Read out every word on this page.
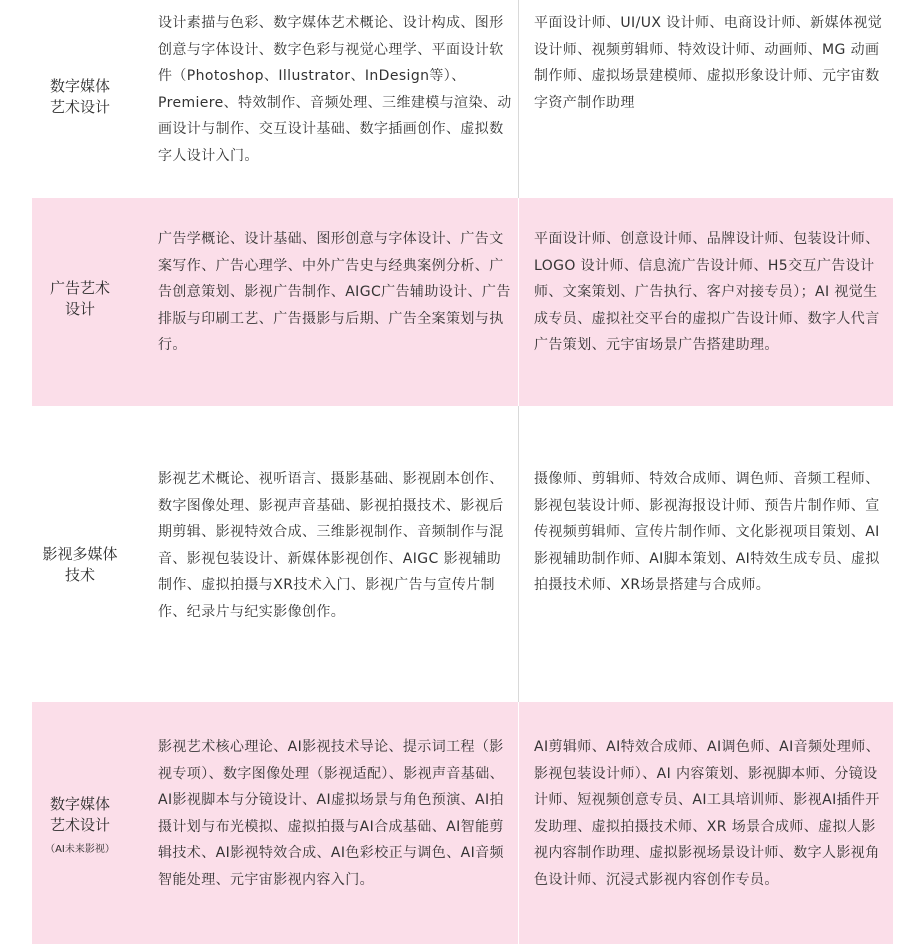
数字媒体艺术设计
设计素描与色彩、数字媒体艺术概论、设计构成、图形创意与字体设计、数字色彩与视觉心理学、平面设计软件（Photoshop、Illustrator、InDesign等）、Premiere、特效制作、音频处理、三维建模与渲染、动画设计与制作、交互设计基础、数字插画创作、虚拟数字人设计入门。
平面设计师、UI/UX 设计师、电商设计师、新媒体视觉设计师、视频剪辑师、特效设计师、动画师、MG 动画制作师、虚拟场景建模师、虚拟形象设计师、元宇宙数字资产制作助理
广告艺术设计
广告学概论、设计基础、图形创意与字体设计、广告文案写作、广告心理学、中外广告史与经典案例分析、广告创意策划、影视广告制作、AIGC广告辅助设计、广告排版与印刷工艺、广告摄影与后期、广告全案策划与执行。
平面设计师、创意设计师、品牌设计师、包装设计师、LOGO 设计师、信息流广告设计师、H5交互广告设计师、文案策划、广告执行、客户对接专员）；AI 视觉生成专员、虚拟社交平台的虚拟广告设计师、数字人代言广告策划、元宇宙场景广告搭建助理。
影视多媒体技术
影视艺术概论、视听语言、摄影基础、影视剧本创作、数字图像处理、影视声音基础、影视拍摄技术、影视后期剪辑、影视特效合成、三维影视制作、音频制作与混音、影视包装设计、新媒体影视创作、AIGC 影视辅助制作、虚拟拍摄与XR技术入门、影视广告与宣传片制作、纪录片与纪实影像创作。
摄像师、剪辑师、特效合成师、调色师、音频工程师、影视包装设计师、影视海报设计师、预告片制作师、宣传视频剪辑师、宣传片制作师、文化影视项目策划、AI影视辅助制作师、AI脚本策划、AI特效生成专员、虚拟拍摄技术师、XR场景搭建与合成师。
数字媒体艺术设计
（AI未来影视）
影视艺术核心理论、AI影视技术导论、提示词工程（影视专项）、数字图像处理（影视适配）、影视声音基础、AI影视脚本与分镜设计、AI虚拟场景与角色预演、AI拍摄计划与布光模拟、虚拟拍摄与AI合成基础、AI智能剪辑技术、AI影视特效合成、AI色彩校正与调色、AI音频智能处理、元宇宙影视内容入门。
AI剪辑师、AI特效合成师、AI调色师、AI音频处理师、影视包装设计师）、AI 内容策划、影视脚本师、分镜设计师、短视频创意专员、AI工具培训师、影视AI插件开发助理、虚拟拍摄技术师、XR 场景合成师、虚拟人影视内容制作助理、虚拟影视场景设计师、数字人影视角色设计师、沉浸式影视内容创作专员。
